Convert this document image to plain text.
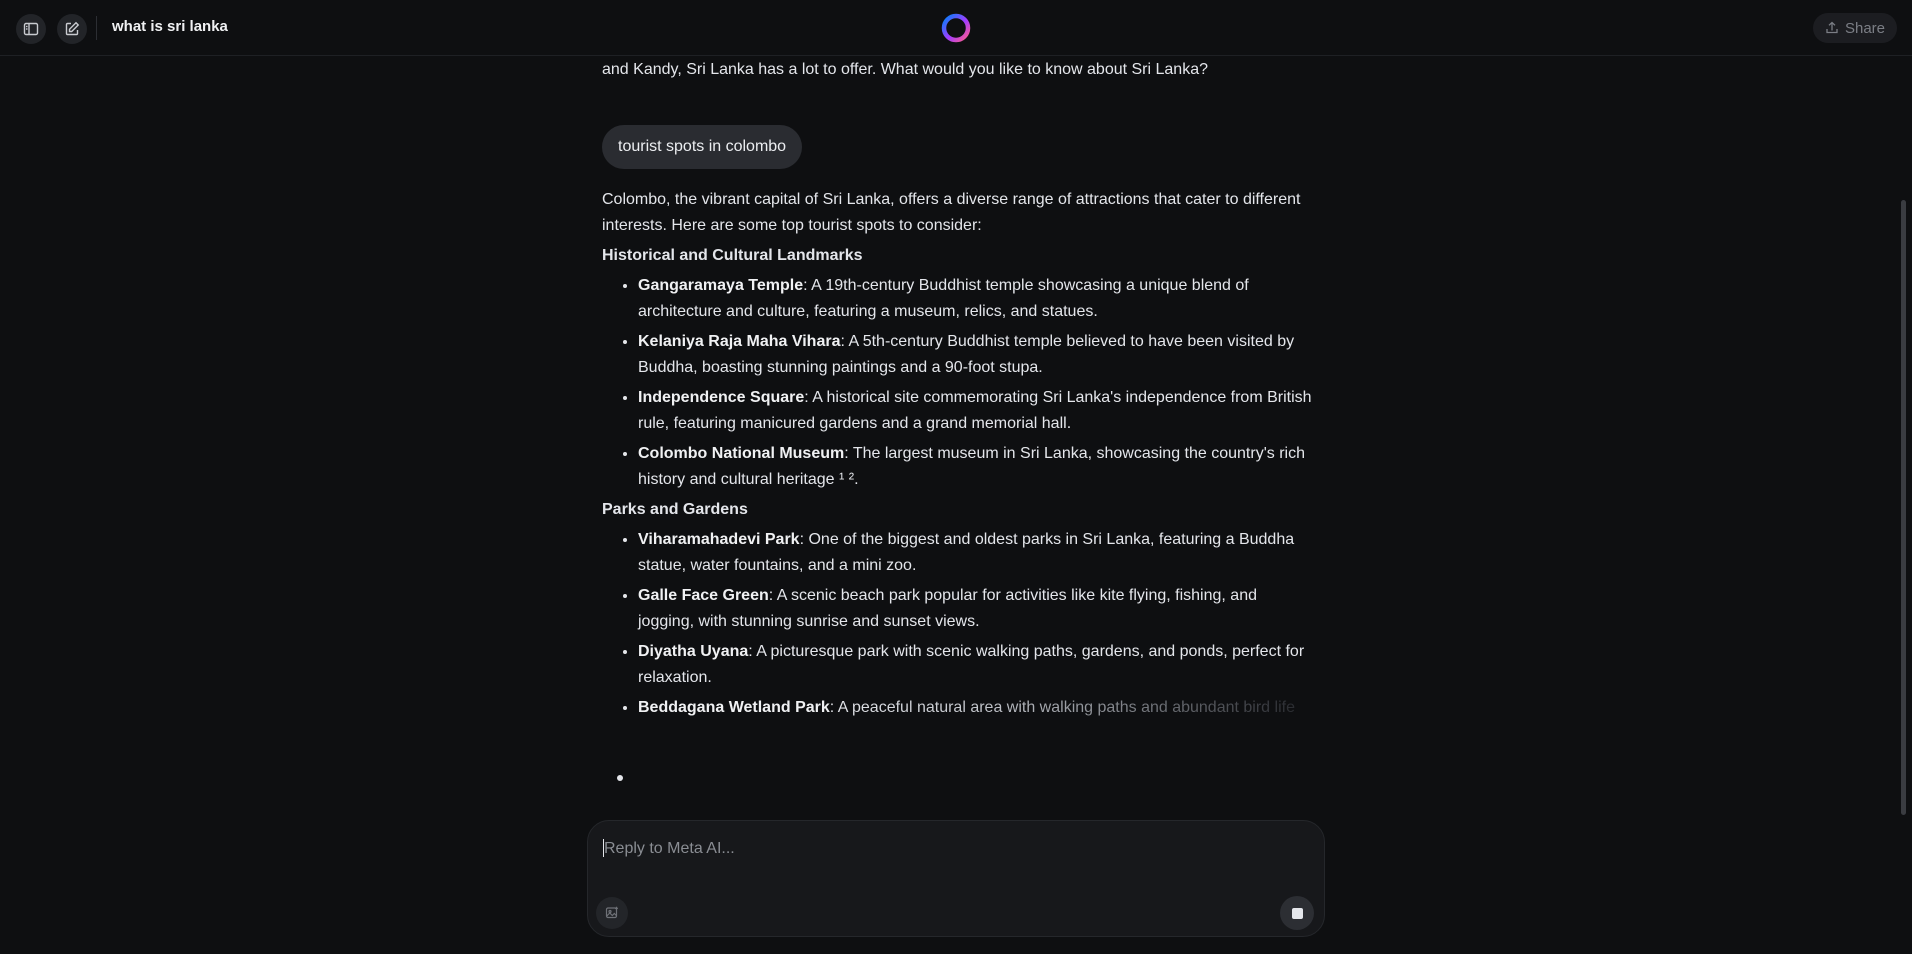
what is sri lanka	Share
and Kandy, Sri Lanka has a lot to offer. What would you like to know about Sri Lanka?
tourist spots in colombo
Colombo, the vibrant capital of Sri Lanka, offers a diverse range of attractions that cater to different interests. Here are some top tourist spots to consider:
Historical and Cultural Landmarks
• Gangaramaya Temple: A 19th-century Buddhist temple showcasing a unique blend of architecture and culture, featuring a museum, relics, and statues.
• Kelaniya Raja Maha Vihara: A 5th-century Buddhist temple believed to have been visited by Buddha, boasting stunning paintings and a 90-foot stupa.
• Independence Square: A historical site commemorating Sri Lanka's independence from British rule, featuring manicured gardens and a grand memorial hall.
• Colombo National Museum: The largest museum in Sri Lanka, showcasing the country's rich history and cultural heritage ¹ ².
Parks and Gardens
• Viharamahadevi Park: One of the biggest and oldest parks in Sri Lanka, featuring a Buddha statue, water fountains, and a mini zoo.
• Galle Face Green: A scenic beach park popular for activities like kite flying, fishing, and jogging, with stunning sunrise and sunset views.
• Diyatha Uyana: A picturesque park with scenic walking paths, gardens, and ponds, perfect for relaxation.
• Beddagana Wetland Park: A peaceful natural area with walking paths and abundant bird life
Reply to Meta AI...
